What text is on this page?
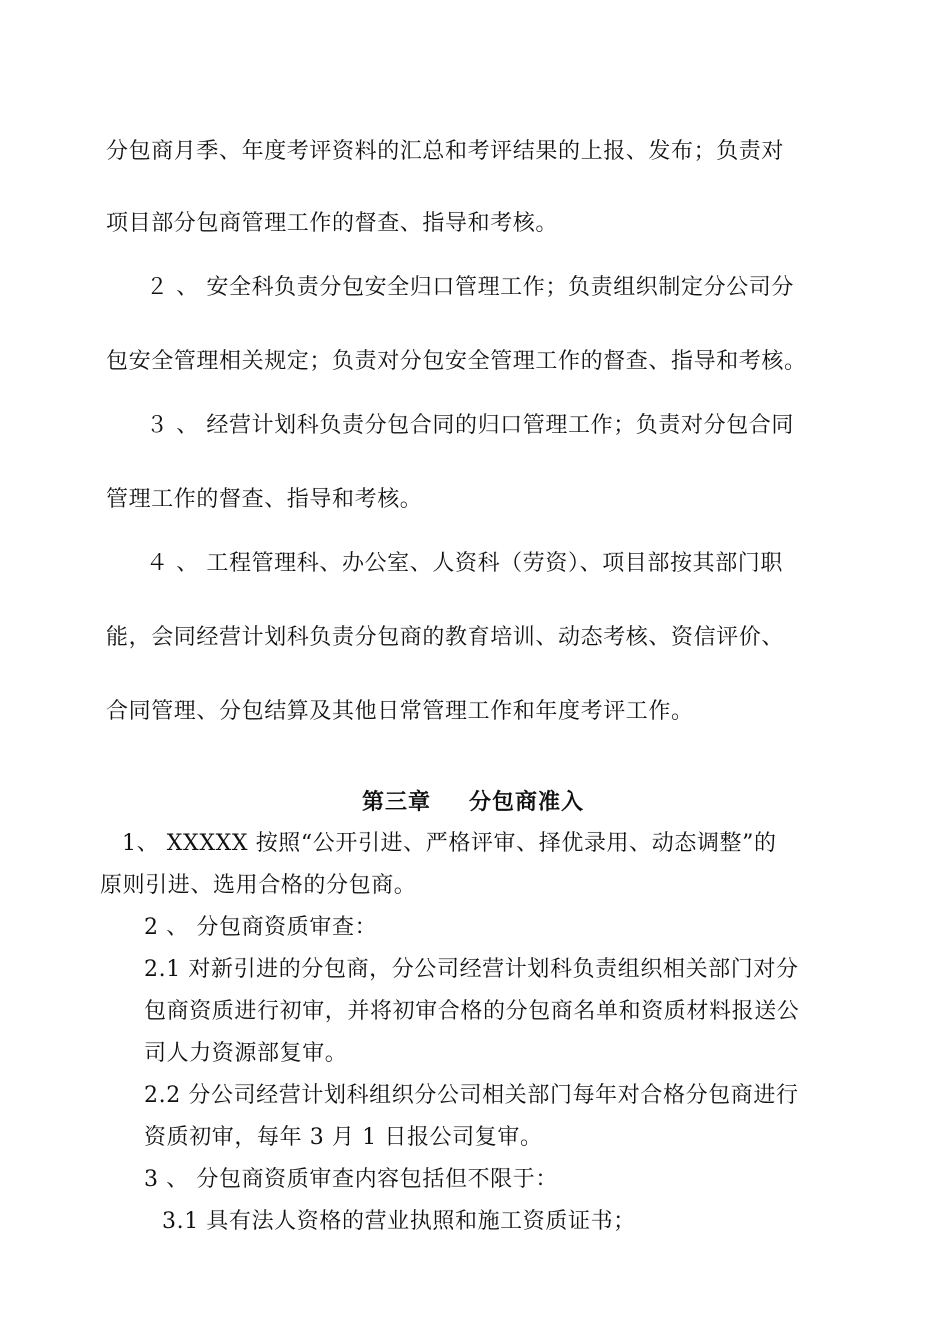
分包商月季、年度考评资料的汇总和考评结果的上报、发布；负责对
项目部分包商管理工作的督查、指导和考核。
２ 、 安全科负责分包安全归口管理工作；负责组织制定分公司分
包安全管理相关规定；负责对分包安全管理工作的督查、指导和考核。
３ 、 经营计划科负责分包合同的归口管理工作；负责对分包合同
管理工作的督查、指导和考核。
４ 、 工程管理科、办公室、人资科（劳资）、项目部按其部门职
能，会同经营计划科负责分包商的教育培训、动态考核、资信评价、
合同管理、分包结算及其他日常管理工作和年度考评工作。
第三章 分包商准入
1、 XXXXX 按照“公开引进、严格评审、择优录用、动态调整”的
原则引进、选用合格的分包商。
2 、 分包商资质审查：
2.1 对新引进的分包商，分公司经营计划科负责组织相关部门对分
包商资质进行初审，并将初审合格的分包商名单和资质材料报送公
司人力资源部复审。
2.2 分公司经营计划科组织分公司相关部门每年对合格分包商进行
资质初审，每年 3 月 1 日报公司复审。
3 、 分包商资质审查内容包括但不限于：
3.1 具有法人资格的营业执照和施工资质证书；
